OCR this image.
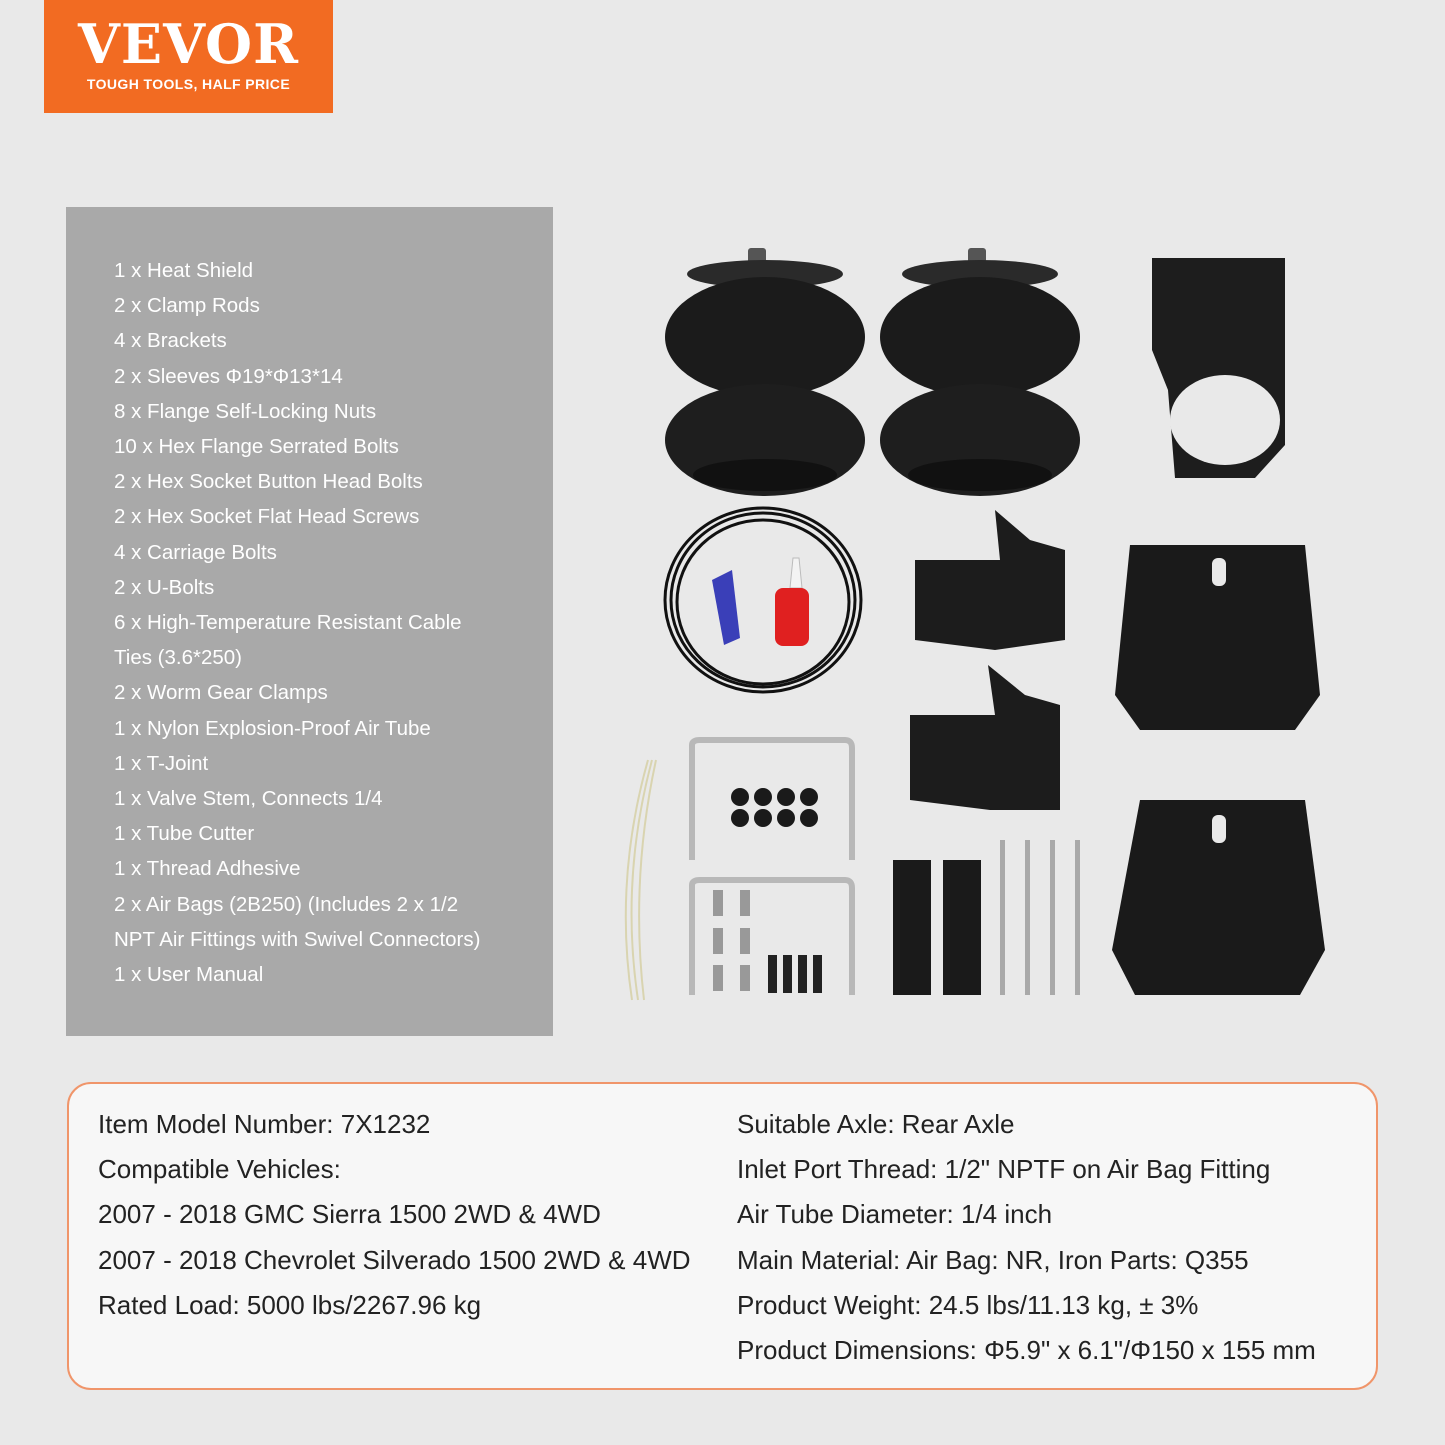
VEVOR
TOUGH TOOLS, HALF PRICE
1 x Heat Shield
2 x Clamp Rods
4 x Brackets
2 x Sleeves Φ19*Φ13*14
8 x Flange Self-Locking Nuts
10 x Hex Flange Serrated Bolts
2 x Hex Socket Button Head Bolts
2 x Hex Socket Flat Head Screws
4 x Carriage Bolts
2 x U-Bolts
6 x High-Temperature Resistant Cable
Ties (3.6*250)
2 x Worm Gear Clamps
1 x Nylon Explosion-Proof Air Tube
1 x T-Joint
1 x Valve Stem, Connects 1/4
1 x Tube Cutter
1 x Thread Adhesive
2 x Air Bags (2B250) (Includes 2 x 1/2
NPT Air Fittings with Swivel Connectors)
1 x User Manual
Item Model Number: 7X1232
Compatible Vehicles:
2007 - 2018 GMC Sierra 1500 2WD & 4WD
2007 - 2018 Chevrolet Silverado 1500 2WD & 4WD
Rated Load: 5000 lbs/2267.96 kg
Suitable Axle: Rear Axle
Inlet Port Thread: 1/2" NPTF on Air Bag Fitting
Air Tube Diameter: 1/4 inch
Main Material: Air Bag: NR, Iron Parts: Q355
Product Weight: 24.5 lbs/11.13 kg, ± 3%
Product Dimensions: Φ5.9" x 6.1"/Φ150 x 155 mm
